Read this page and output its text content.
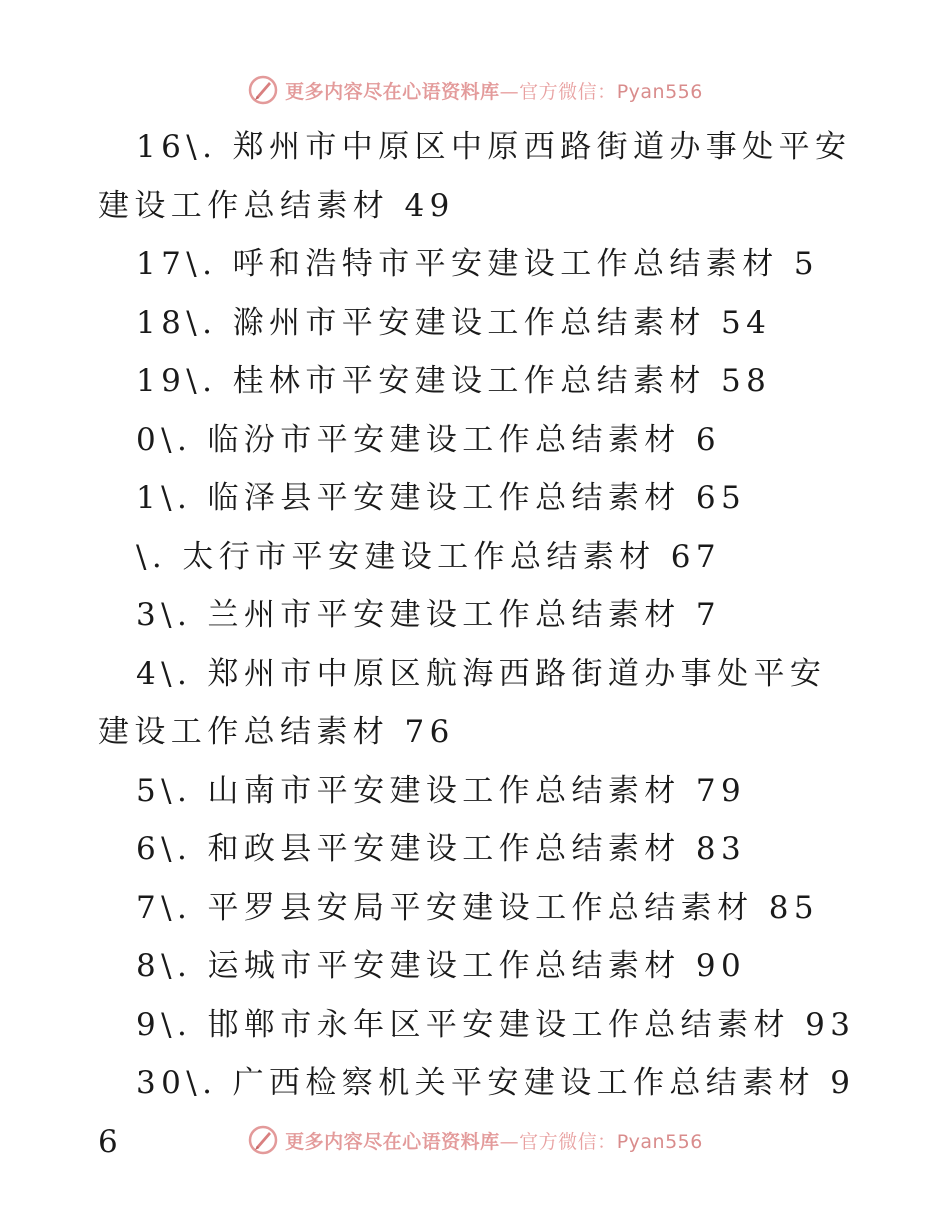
更多内容尽在心语资料库—官方微信：Pyan556
16\. 郑州市中原区中原西路街道办事处平安建设工作总结素材 49
17\. 呼和浩特市平安建设工作总结素材 5
18\. 滁州市平安建设工作总结素材 54
19\. 桂林市平安建设工作总结素材 58
0\. 临汾市平安建设工作总结素材 6
1\. 临泽县平安建设工作总结素材 65
\. 太行市平安建设工作总结素材 67
3\. 兰州市平安建设工作总结素材 7
4\. 郑州市中原区航海西路街道办事处平安建设工作总结素材 76
5\. 山南市平安建设工作总结素材 79
6\. 和政县平安建设工作总结素材 83
7\. 平罗县安局平安建设工作总结素材 85
8\. 运城市平安建设工作总结素材 90
9\. 邯郸市永年区平安建设工作总结素材 93
30\. 广西检察机关平安建设工作总结素材 96	更多内容尽在心语资料库—官方微信：Pyan556
